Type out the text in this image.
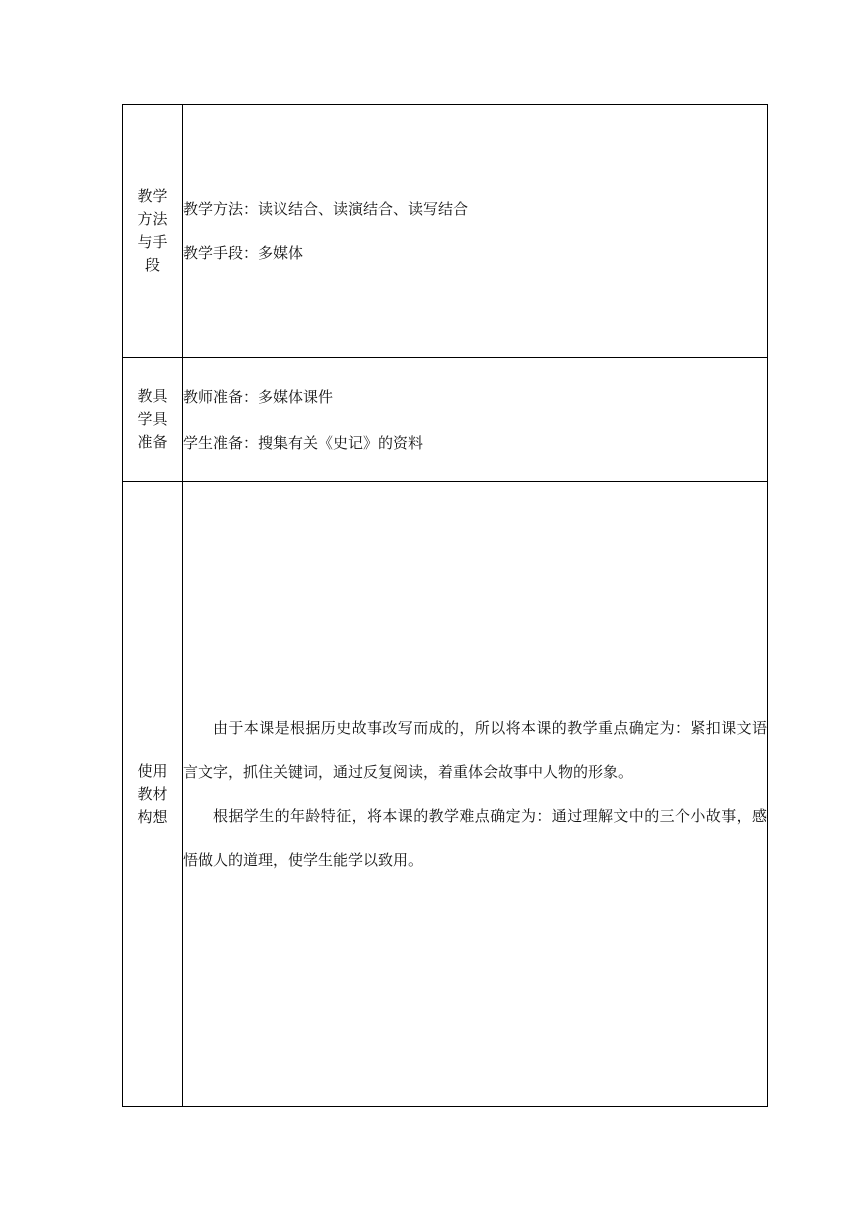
教学方法与手段	教学方法：读议结合、读演结合、读写结合

教学手段：多媒体

教具学具准备	教师准备：多媒体课件

学生准备：搜集有关《史记》的资料

使用教材构想	由于本课是根据历史故事改写而成的，所以将本课的教学重点确定为：紧扣课文语言文字，抓住关键词，通过反复阅读，着重体会故事中人物的形象。

根据学生的年龄特征，将本课的教学难点确定为：通过理解文中的三个小故事，感悟做人的道理，使学生能学以致用。
